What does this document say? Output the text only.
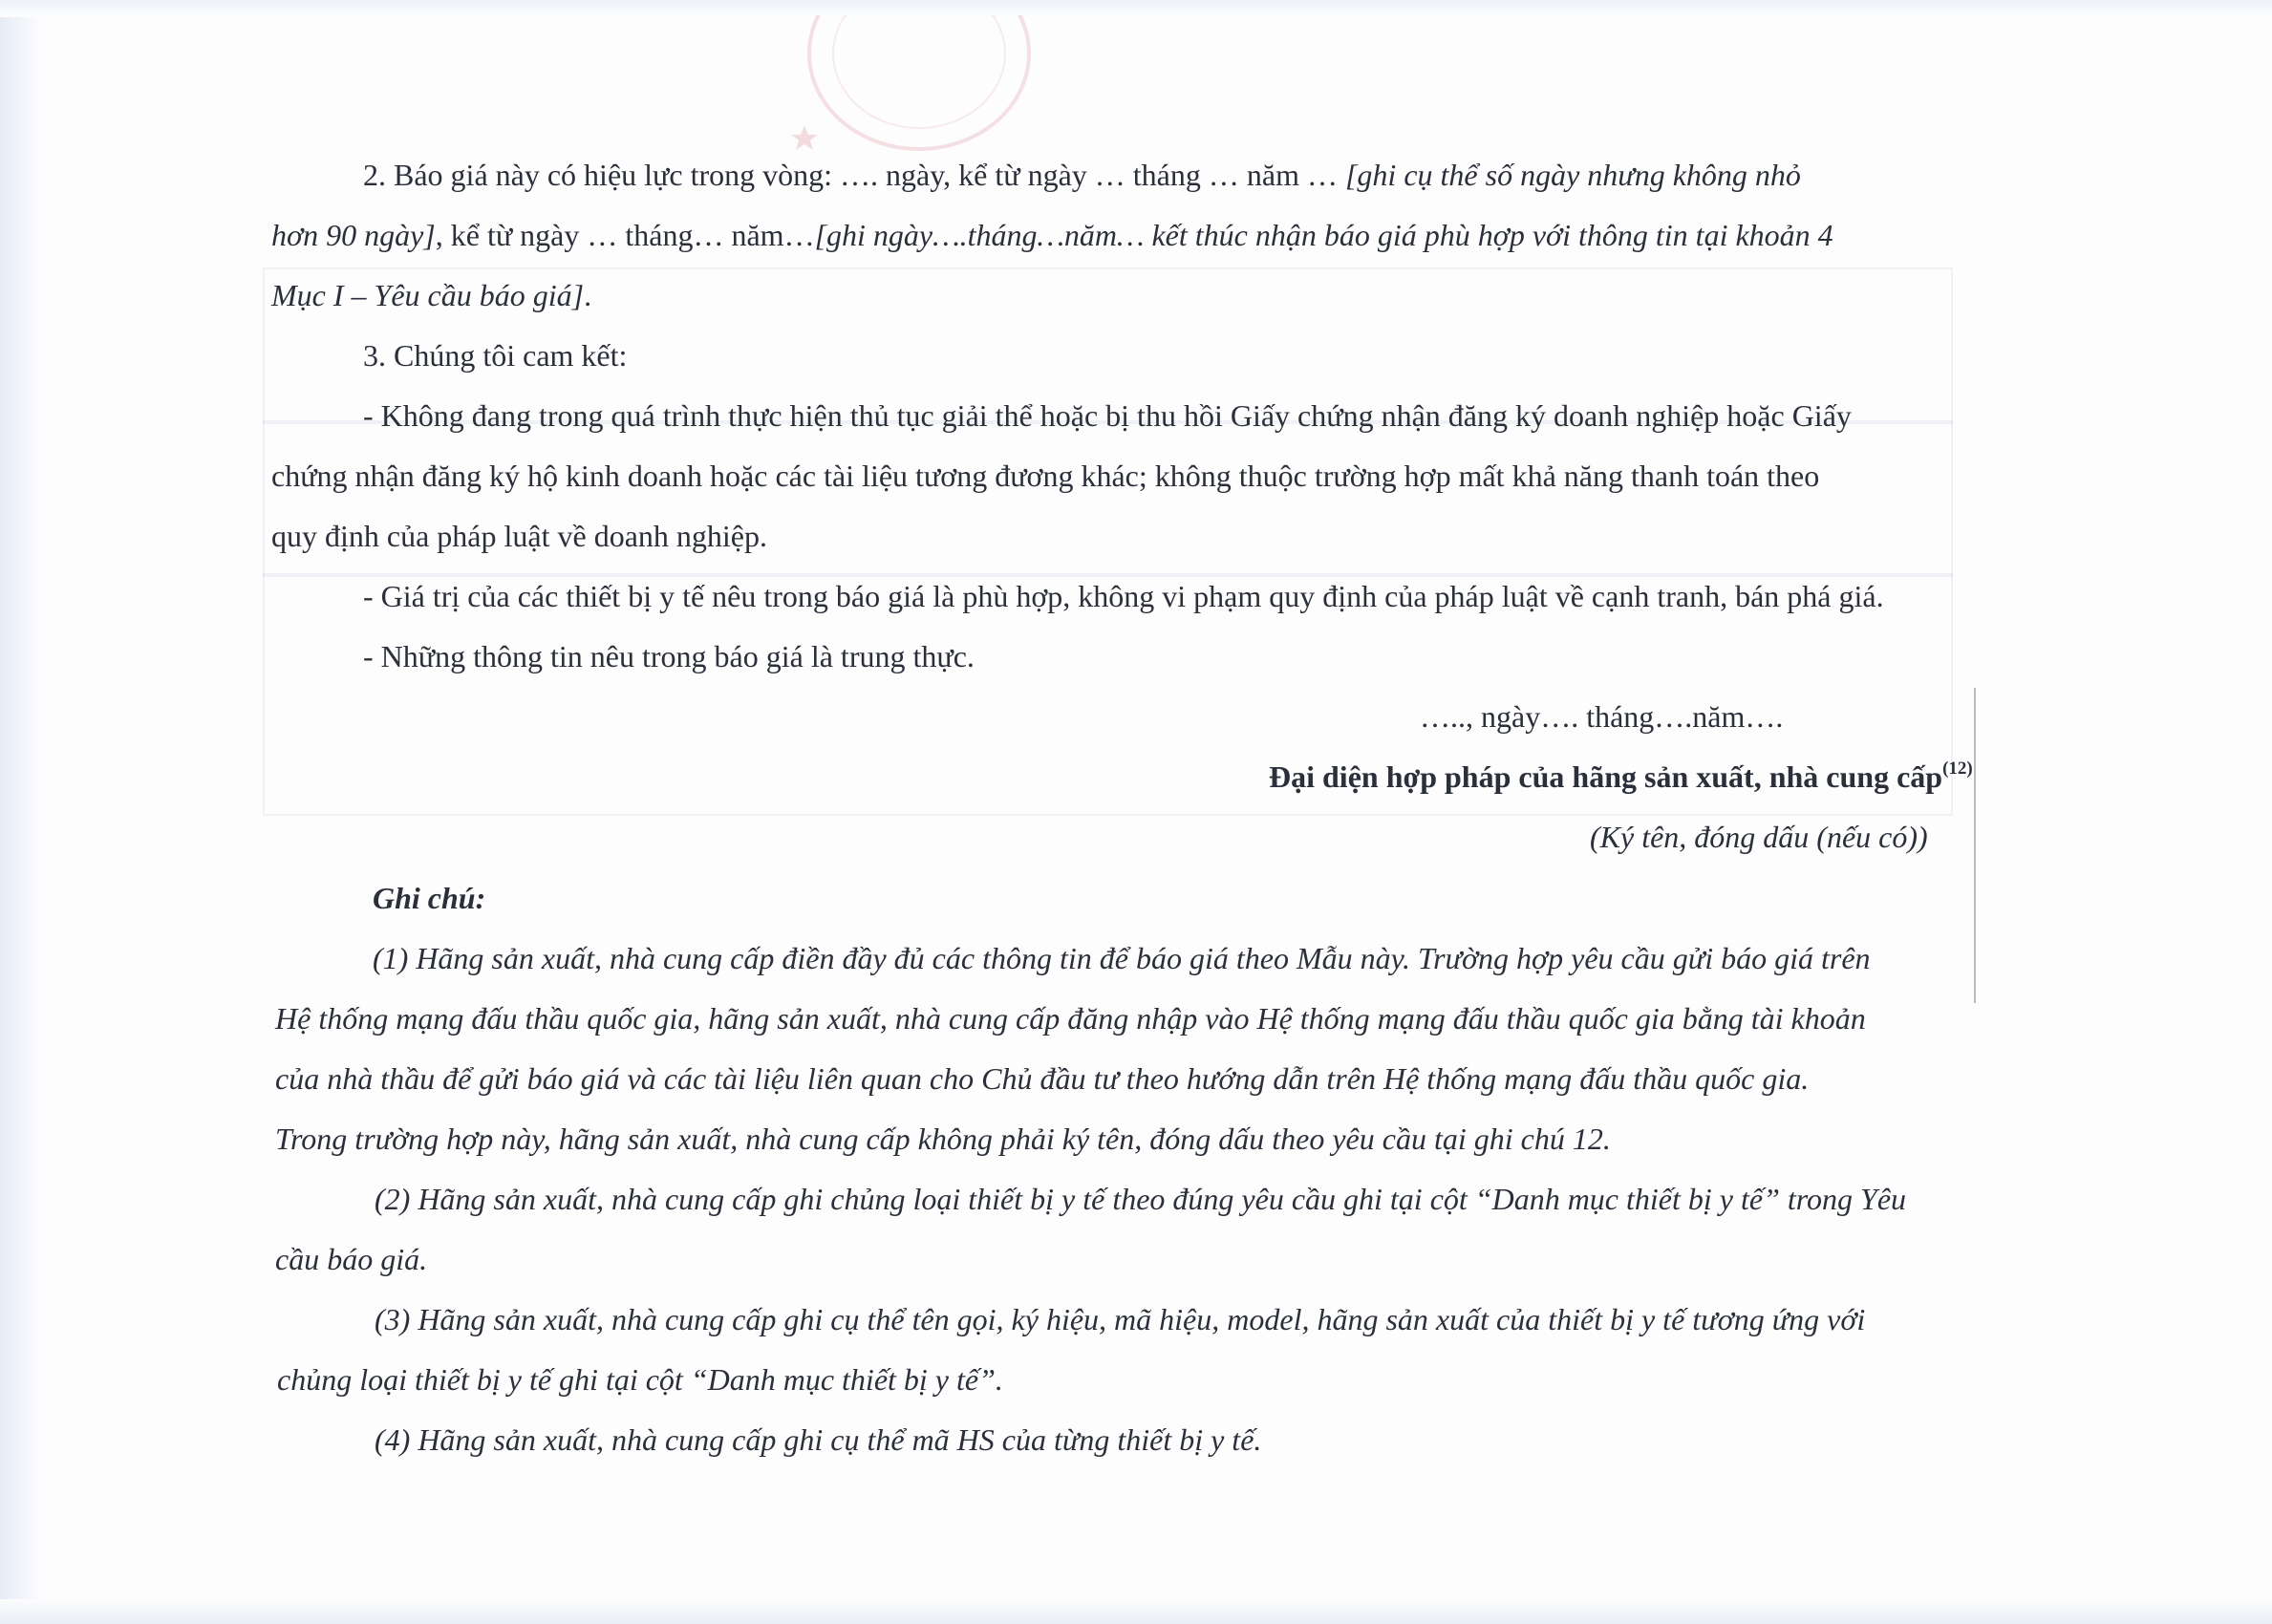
2. Báo giá này có hiệu lực trong vòng: …. ngày, kể từ ngày … tháng … năm … [ghi cụ thể số ngày nhưng không nhỏ
hơn 90 ngày], kể từ ngày … tháng… năm…[ghi ngày….tháng…năm… kết thúc nhận báo giá phù hợp với thông tin tại khoản 4
Mục I – Yêu cầu báo giá].
3. Chúng tôi cam kết:
- Không đang trong quá trình thực hiện thủ tục giải thể hoặc bị thu hồi Giấy chứng nhận đăng ký doanh nghiệp hoặc Giấy
chứng nhận đăng ký hộ kinh doanh hoặc các tài liệu tương đương khác; không thuộc trường hợp mất khả năng thanh toán theo
quy định của pháp luật về doanh nghiệp.
- Giá trị của các thiết bị y tế nêu trong báo giá là phù hợp, không vi phạm quy định của pháp luật về cạnh tranh, bán phá giá.
- Những thông tin nêu trong báo giá là trung thực.
….., ngày…. tháng….năm….
Đại diện hợp pháp của hãng sản xuất, nhà cung cấp$^{(12)}$
(Ký tên, đóng dấu (nếu có))
Ghi chú:
(1) Hãng sản xuất, nhà cung cấp điền đầy đủ các thông tin để báo giá theo Mẫu này. Trường hợp yêu cầu gửi báo giá trên
Hệ thống mạng đấu thầu quốc gia, hãng sản xuất, nhà cung cấp đăng nhập vào Hệ thống mạng đấu thầu quốc gia bằng tài khoản
của nhà thầu để gửi báo giá và các tài liệu liên quan cho Chủ đầu tư theo hướng dẫn trên Hệ thống mạng đấu thầu quốc gia.
Trong trường hợp này, hãng sản xuất, nhà cung cấp không phải ký tên, đóng dấu theo yêu cầu tại ghi chú 12.
(2) Hãng sản xuất, nhà cung cấp ghi chủng loại thiết bị y tế theo đúng yêu cầu ghi tại cột “Danh mục thiết bị y tế” trong Yêu
cầu báo giá.
(3) Hãng sản xuất, nhà cung cấp ghi cụ thể tên gọi, ký hiệu, mã hiệu, model, hãng sản xuất của thiết bị y tế tương ứng với
chủng loại thiết bị y tế ghi tại cột “Danh mục thiết bị y tế”.
(4) Hãng sản xuất, nhà cung cấp ghi cụ thể mã HS của từng thiết bị y tế.
